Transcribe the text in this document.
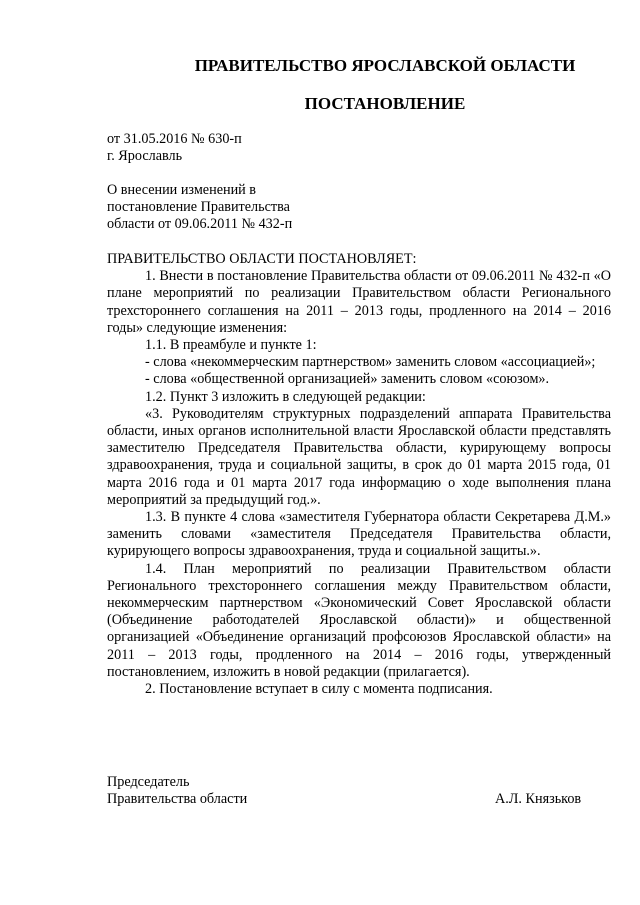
ПРАВИТЕЛЬСТВО ЯРОСЛАВСКОЙ ОБЛАСТИ
ПОСТАНОВЛЕНИЕ
от 31.05.2016 № 630-п
г. Ярославль
О внесении изменений в
постановление Правительства
области от 09.06.2011 № 432-п

ПРАВИТЕЛЬСТВО ОБЛАСТИ ПОСТАНОВЛЯЕТ:

1. Внести в постановление Правительства области от 09.06.2011 № 432-п «О плане мероприятий по реализации Правительством области Регионального трехстороннего соглашения на 2011 – 2013 годы, продленного на 2014 – 2016 годы» следующие изменения:

1.1. В преамбуле и пункте 1:

- слова «некоммерческим партнерством» заменить словом «ассоциацией»;

- слова «общественной организацией» заменить словом «союзом».

1.2. Пункт 3 изложить в следующей редакции:

«3. Руководителям структурных подразделений аппарата Правительства области, иных органов исполнительной власти Ярославской области представлять заместителю Председателя Правительства области, курирующему вопросы здравоохранения, труда и социальной защиты, в срок до 01 марта 2015 года, 01 марта 2016 года и 01 марта 2017 года информацию о ходе выполнения плана мероприятий за предыдущий год.».

1.3. В пункте 4 слова «заместителя Губернатора области Секретарева Д.М.» заменить словами «заместителя Председателя Правительства области, курирующего вопросы здравоохранения, труда и социальной защиты.».

1.4. План мероприятий по реализации Правительством области Регионального трехстороннего соглашения между Правительством области, некоммерческим партнерством «Экономический Совет Ярославской области (Объединение работодателей Ярославской области)» и общественной организацией «Объединение организаций профсоюзов Ярославской области» на 2011 – 2013 годы, продленного на 2014 – 2016 годы, утвержденный постановлением, изложить в новой редакции (прилагается).

2. Постановление вступает в силу с момента подписания.

Председатель
Правительства области	А.Л. Князьков
